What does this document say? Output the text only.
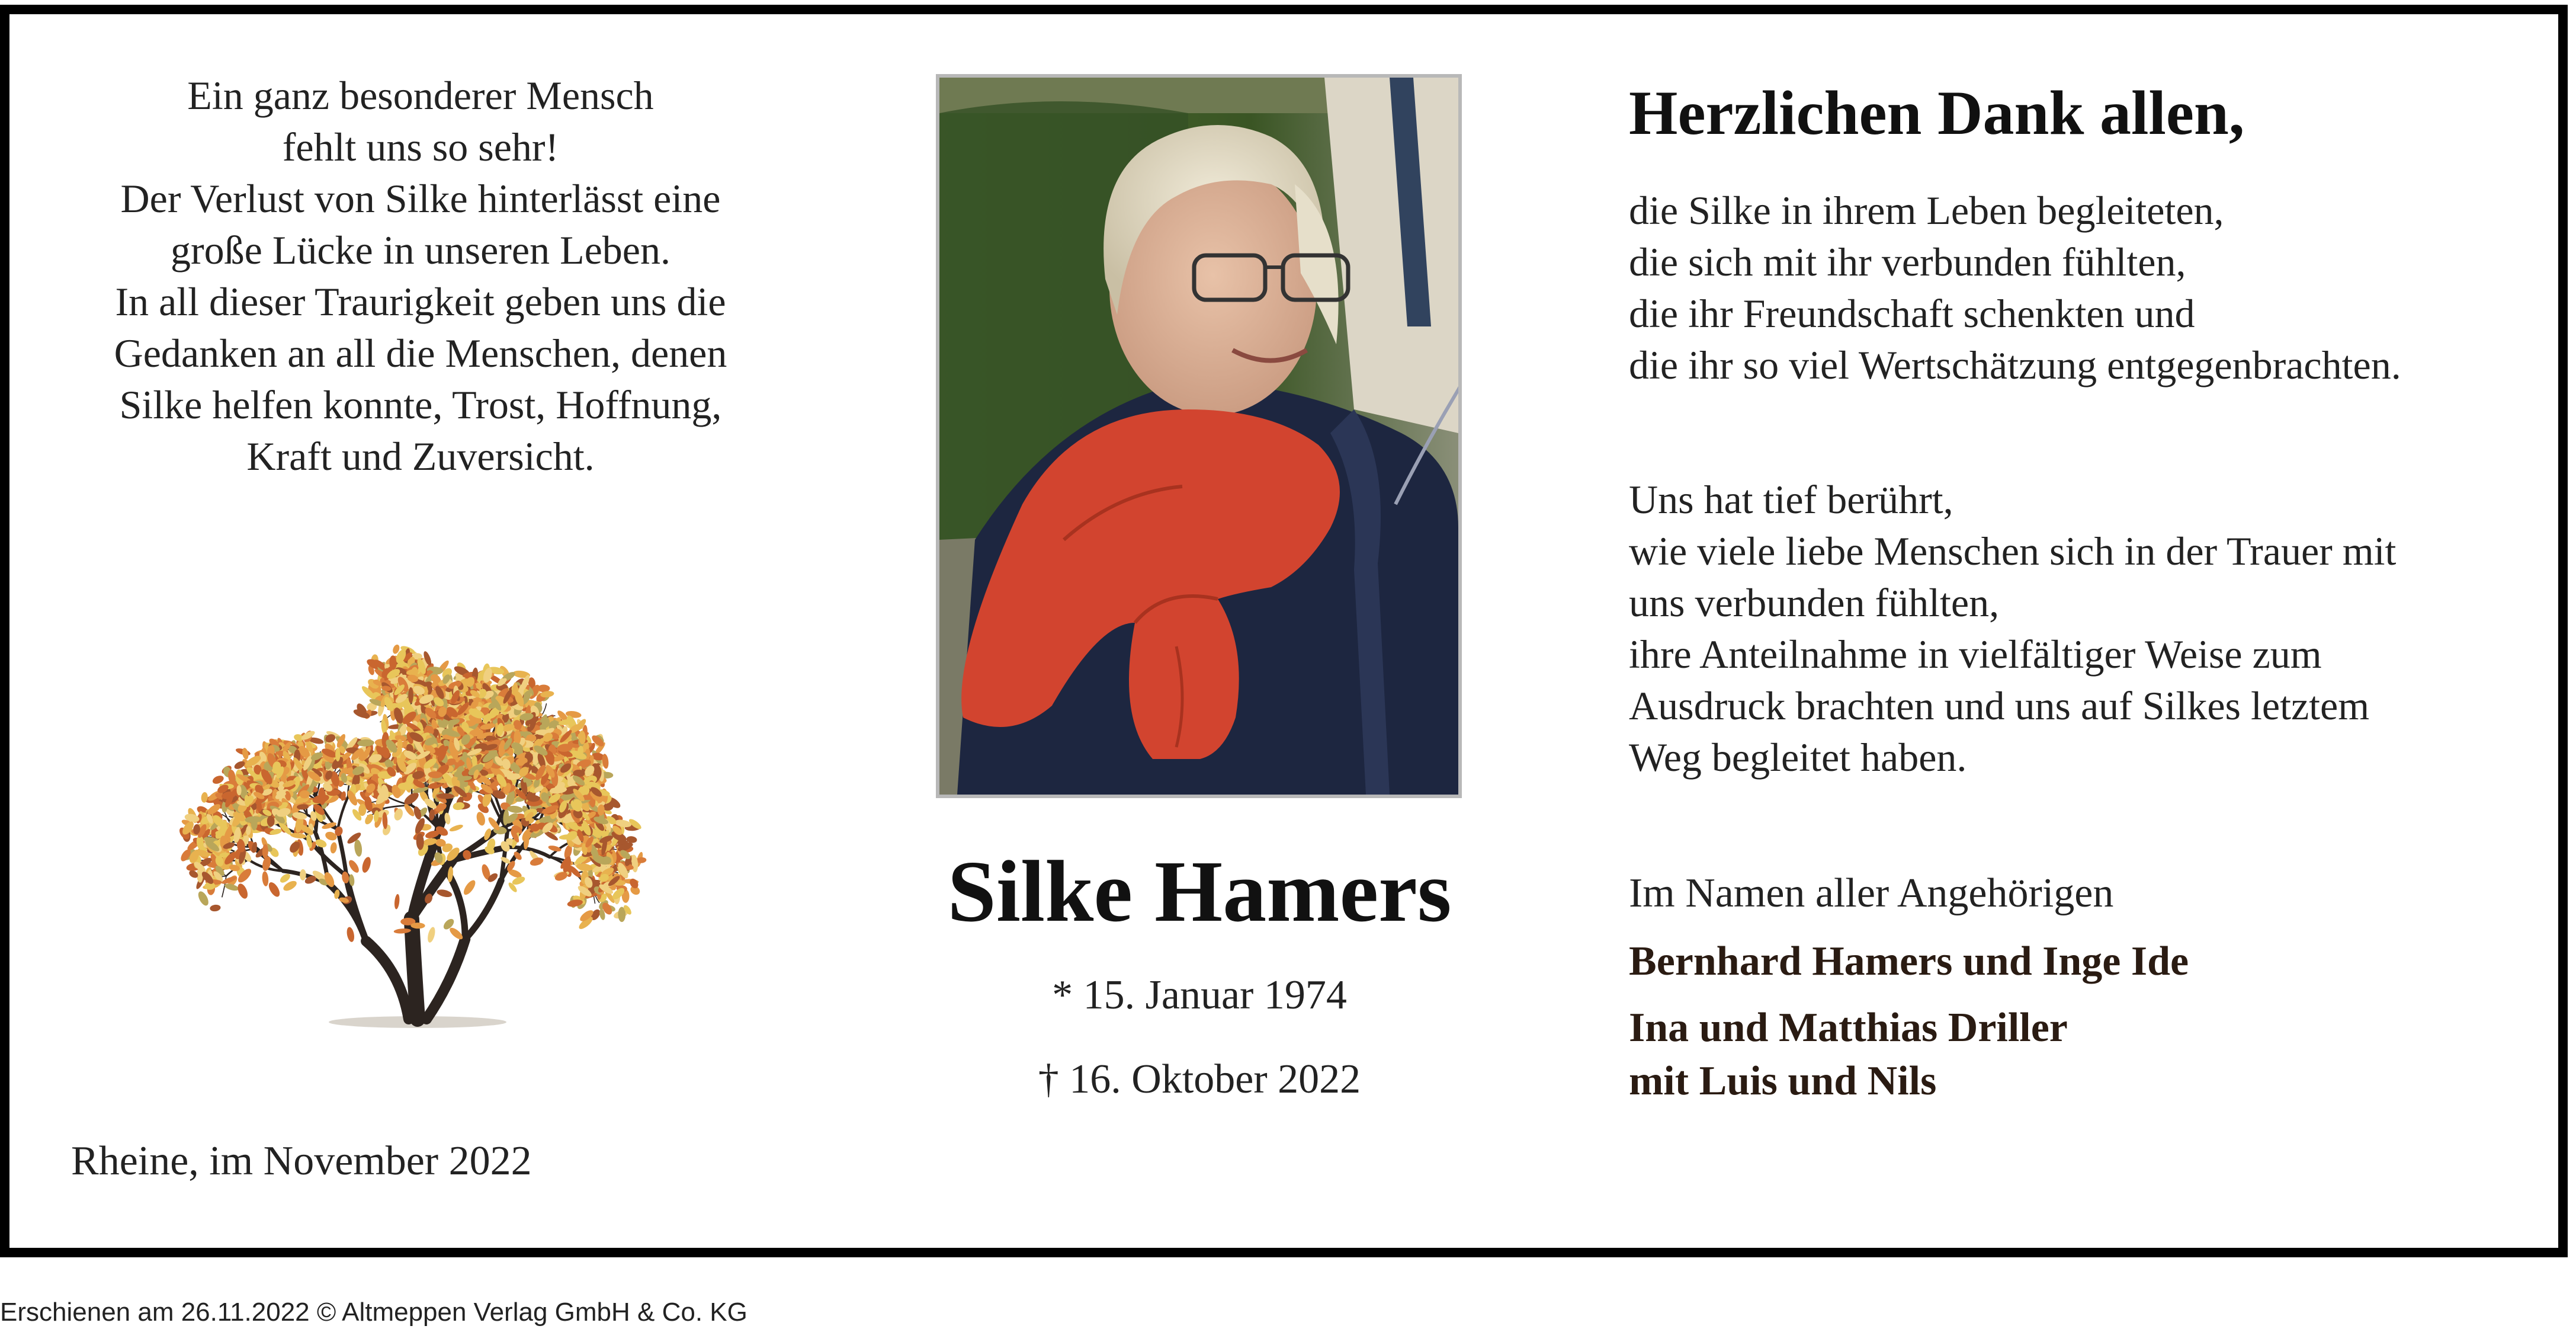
Ein ganz besonderer Mensch
fehlt uns so sehr!
Der Verlust von Silke hinterlässt eine
große Lücke in unseren Leben.
In all dieser Traurigkeit geben uns die
Gedanken an all die Menschen, denen
Silke helfen konnte, Trost, Hoffnung,
Kraft und Zuversicht.

Rheine, im November 2022

Silke Hamers
* 15. Januar 1974
† 16. Oktober 2022

Herzlichen Dank allen,

die Silke in ihrem Leben begleiteten,
die sich mit ihr verbunden fühlten,
die ihr Freundschaft schenkten und
die ihr so viel Wertschätzung entgegenbrachten.
Uns hat tief berührt,
wie viele liebe Menschen sich in der Trauer mit
uns verbunden fühlten,
ihre Anteilnahme in vielfältiger Weise zum
Ausdruck brachten und uns auf Silkes letztem
Weg begleitet haben.

Im Namen aller Angehörigen

Bernhard Hamers und Inge Ide
Ina und Matthias Driller
mit Luis und Nils

Erschienen am 26.11.2022 © Altmeppen Verlag GmbH & Co. KG
